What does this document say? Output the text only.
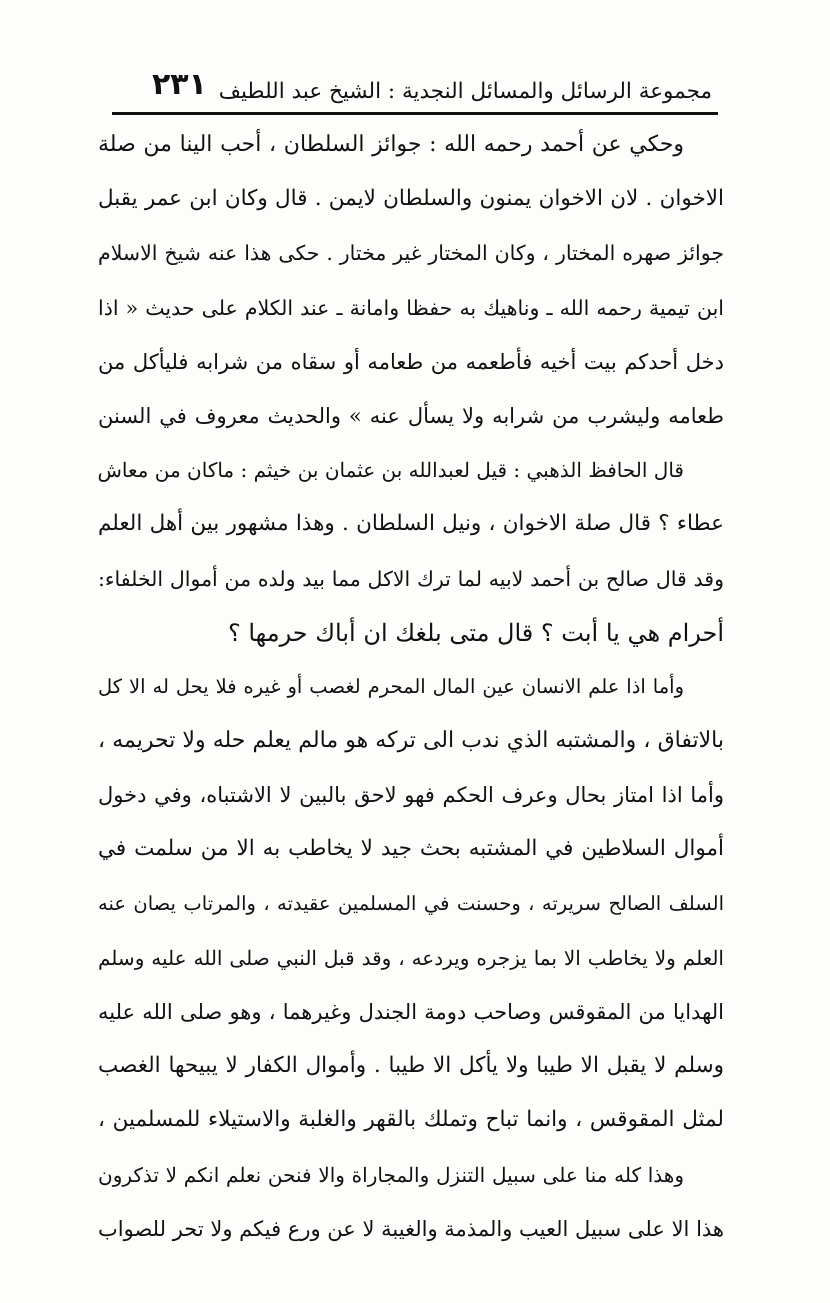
مجموعة الرسائل والمسائل النجدية : الشيخ عبد اللطيف
٢٣١
وحكي عن أحمد رحمه الله : جوائز السلطان ، أحب الينا من صلة
الاخوان . لان الاخوان يمنون والسلطان لايمن . قال وكان ابن عمر يقبل
جوائز صهره المختار ، وكان المختار غير مختار . حكى هذا عنه شيخ الاسلام
ابن تيمية رحمه الله ـ وناهيك به حفظا وامانة ـ عند الكلام على حديث « اذا
دخل أحدكم بيت أخيه فأطعمه من طعامه أو سقاه من شرابه فليأكل من
طعامه وليشرب من شرابه ولا يسأل عنه » والحديث معروف في السنن
قال الحافظ الذهبي : قيل لعبدالله بن عثمان بن خيثم : ماكان من معاش
عطاء ؟ قال صلة الاخوان ، ونيل السلطان . وهذا مشهور بين أهل العلم
وقد قال صالح بن أحمد لابيه لما ترك الاكل مما بيد ولده من أموال الخلفاء:
أحرام هي يا أبت ؟ قال متى بلغك ان أباك حرمها ؟
وأما اذا علم الانسان عين المال المحرم لغصب أو غيره فلا يحل له الا كل
بالاتفاق ، والمشتبه الذي ندب الى تركه هو مالم يعلم حله ولا تحريمه ،
وأما اذا امتاز بحال وعرف الحكم فهو لاحق بالبين لا الاشتباه، وفي دخول
أموال السلاطين في المشتبه بحث جيد لا يخاطب به الا من سلمت في
السلف الصالح سريرته ، وحسنت في المسلمين عقيدته ، والمرتاب يصان عنه
العلم ولا يخاطب الا بما يزجره ويردعه ، وقد قبل النبي صلى الله عليه وسلم
الهدايا من المقوقس وصاحب دومة الجندل وغيرهما ، وهو صلى الله عليه
وسلم لا يقبل الا طيبا ولا يأكل الا طيبا . وأموال الكفار لا يبيحها الغصب
لمثل المقوقس ، وانما تباح وتملك بالقهر والغلبة والاستيلاء للمسلمين ،
وهذا كله منا على سبيل التنزل والمجاراة والا فنحن نعلم انكم لا تذكرون
هذا الا على سبيل العيب والمذمة والغيبة لا عن ورع فيكم ولا تحر للصواب
